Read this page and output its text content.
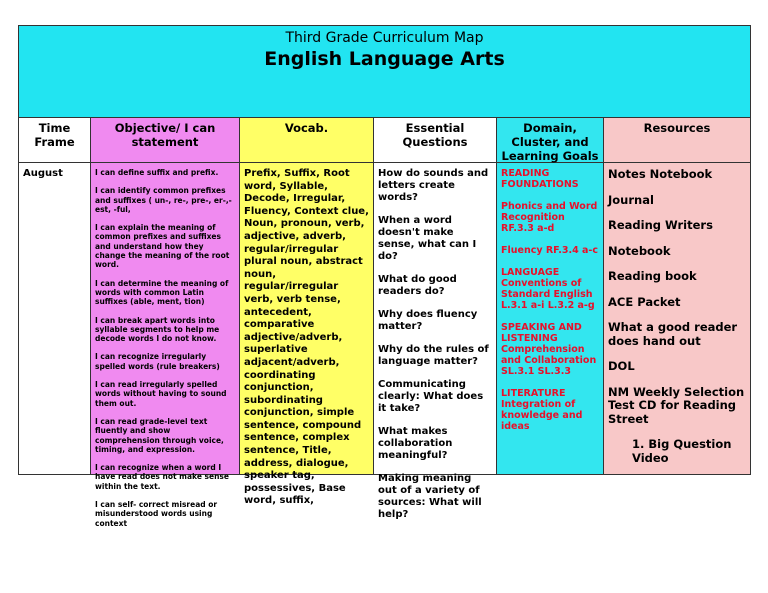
Third Grade Curriculum Map
English Language Arts
Time Frame
August
Objective/ I can statement

I can define suffix and prefix.

I can identify common prefixes and suffixes ( un-, re-, pre-, er-,-est, -ful,

I can explain the meaning of common prefixes and suffixes and understand how they change the meaning of the root word.

I can determine the meaning of words with common Latin suffixes (able, ment, tion)

I can break apart words into syllable segments to help me decode words I do not know.

I can recognize irregularly spelled words (rule breakers)

I can read irregularly spelled words without having to sound them out.

I can read grade-level text fluently and show comprehension through voice, timing, and expression.

I can recognize when a word I have read does not make sense within the text.

I can self- correct misread or misunderstood words using context

Vocab.

Prefix, Suffix, Root word, Syllable, Decode, Irregular, Fluency, Context clue, Noun, pronoun, verb, adjective, adverb, regular/irregular plural noun, abstract noun, regular/irregular verb, verb tense, antecedent, comparative adjective/adverb, superlative adjacent/adverb, coordinating conjunction, subordinating conjunction, simple sentence, compound sentence, complex sentence, Title, address, dialogue, speaker tag, possessives, Base word, suffix,

Essential Questions

How do sounds and letters create words?

When a word doesn't make sense, what can I do?

What do good readers do?

Why does fluency matter?

Why do the rules of language matter?

Communicating clearly: What does it take?

What makes collaboration meaningful?

Making meaning out of a variety of sources: What will help?

Domain, Cluster, and Learning Goals

READING FOUNDATIONS

Phonics and Word Recognition RF.3.3 a-d

Fluency RF.3.4 a-c

LANGUAGE Conventions of Standard English L.3.1 a-i L.3.2 a-g

SPEAKING AND LISTENING Comprehension and Collaboration SL.3.1 SL.3.3

LITERATURE Integration of knowledge and ideas

Resources

Notes Notebook

Journal

Reading Writers

Notebook

Reading book

ACE Packet

What a good reader does hand out

DOL

NM Weekly Selection Test CD for Reading Street

1. Big Question Video
